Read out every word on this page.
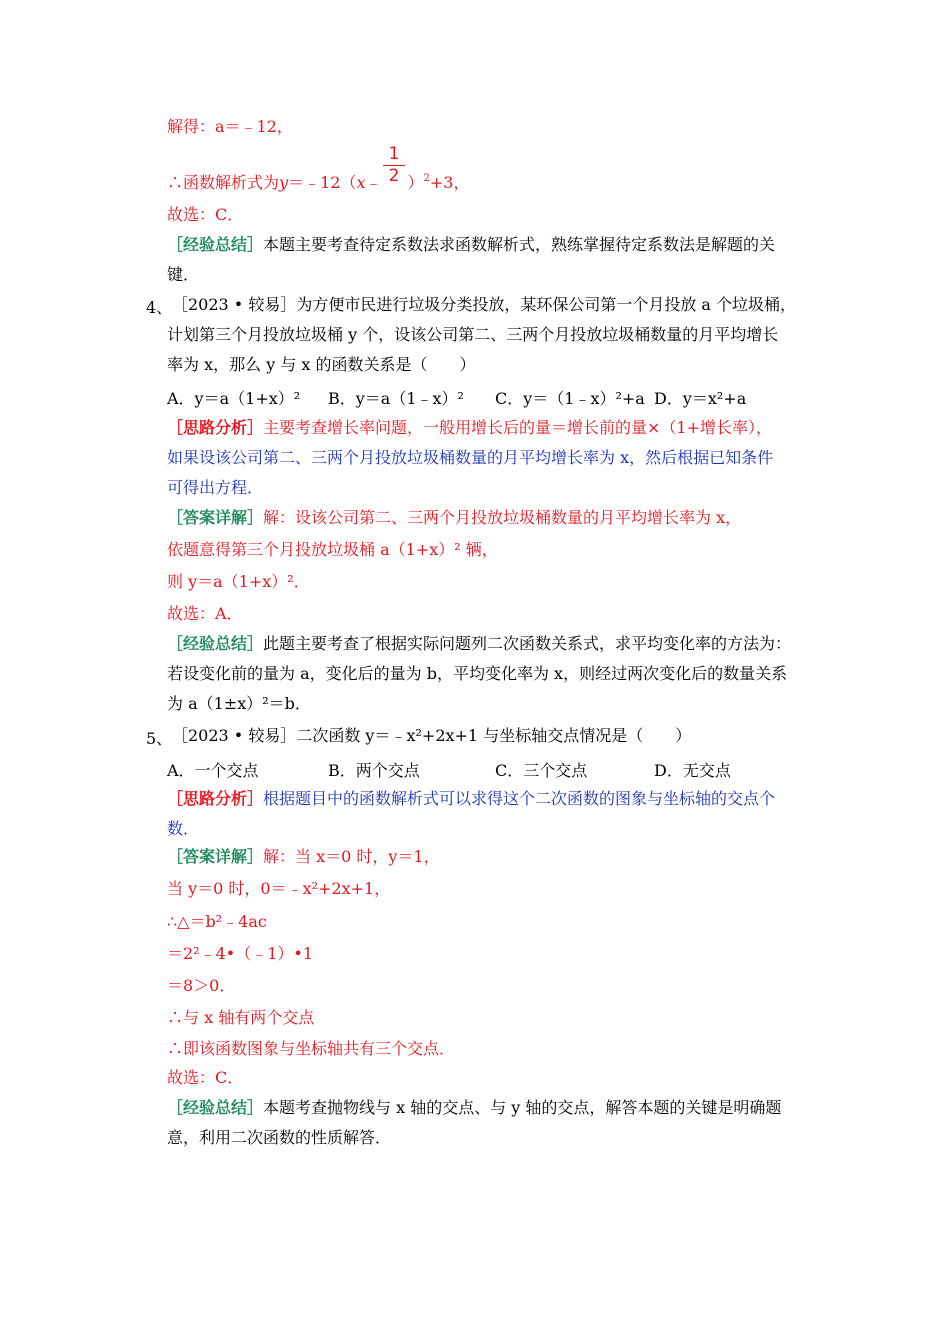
解得：a＝﹣12，
1
2
∴函数解析式为y＝﹣12（x﹣ ）$^2$+3，
故选：C．
［经验总结］本题主要考查待定系数法求函数解析式，熟练掌握待定系数法是解题的关
键．
4、 ［2023 • 较易］为方便市民进行垃圾分类投放，某环保公司第一个月投放 a 个垃圾桶，
计划第三个月投放垃圾桶 y 个，设该公司第二、三两个月投放垃圾桶数量的月平均增长
率为 x，那么 y 与 x 的函数关系是（　　）
A．y＝a（1+x）² B．y＝a（1﹣x）² C．y＝（1﹣x）²+a D．y＝x²+a
［思路分析］主要考查增长率问题，一般用增长后的量＝增长前的量×（1+增长率），
如果设该公司第二、三两个月投放垃圾桶数量的月平均增长率为 x，然后根据已知条件
可得出方程．
［答案详解］解：设该公司第二、三两个月投放垃圾桶数量的月平均增长率为 x，
依题意得第三个月投放垃圾桶 a（1+x）² 辆，
则 y＝a（1+x）²．
故选：A．
［经验总结］此题主要考查了根据实际问题列二次函数关系式，求平均变化率的方法为：
若设变化前的量为 a，变化后的量为 b，平均变化率为 x，则经过两次变化后的数量关系
为 a（1±x）²＝b．
5、 ［2023 • 较易］二次函数 y＝﹣x²+2x+1 与坐标轴交点情况是（　　）
A．一个交点	B．两个交点	C．三个交点	D．无交点
［思路分析］根据题目中的函数解析式可以求得这个二次函数的图象与坐标轴的交点个
数．
［答案详解］解：当 x＝0 时，y＝1，
当 y＝0 时，0＝﹣x²+2x+1，
∴△＝b²﹣4ac
＝2²﹣4•（﹣1）•1
＝8＞0．
∴与 x 轴有两个交点
∴即该函数图象与坐标轴共有三个交点．
故选：C．
［经验总结］本题考查抛物线与 x 轴的交点、与 y 轴的交点，解答本题的关键是明确题
意，利用二次函数的性质解答．
